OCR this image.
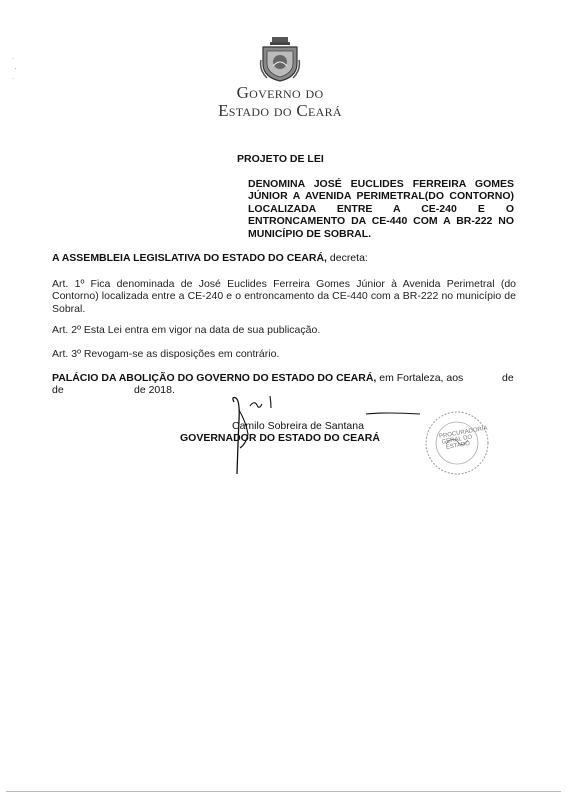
.
.
.
Governo do
Estado do Ceará
PROJETO DE LEI
DENOMINA JOSÉ EUCLIDES FERREIRA GOMES JÚNIOR A AVENIDA PERIMETRAL(DO CONTORNO) LOCALIZADA ENTRE A CE-240 E O ENTRONCAMENTO DA CE-440 COM A BR-222 NO MUNICÍPIO DE SOBRAL.
A ASSEMBLEIA LEGISLATIVA DO ESTADO DO CEARÁ, decreta:
Art. 1º Fica denominada de José Euclides Ferreira Gomes Júnior à Avenida Perimetral (do Contorno) localizada entre a CE-240 e o entroncamento da CE-440 com a BR-222 no município de Sobral.
Art. 2º Esta Lei entra em vigor na data de sua publicação.
Art. 3º Revogam-se as disposições em contrário.
PALÁCIO DA ABOLIÇÃO DO GOVERNO DO ESTADO DO CEARÁ, em Fortaleza, aos	de
de	de 2018.
Camilo Sobreira de Santana
GOVERNADOR DO ESTADO DO CEARÁ	PROCURADORIA GERAL DO ESTADO
